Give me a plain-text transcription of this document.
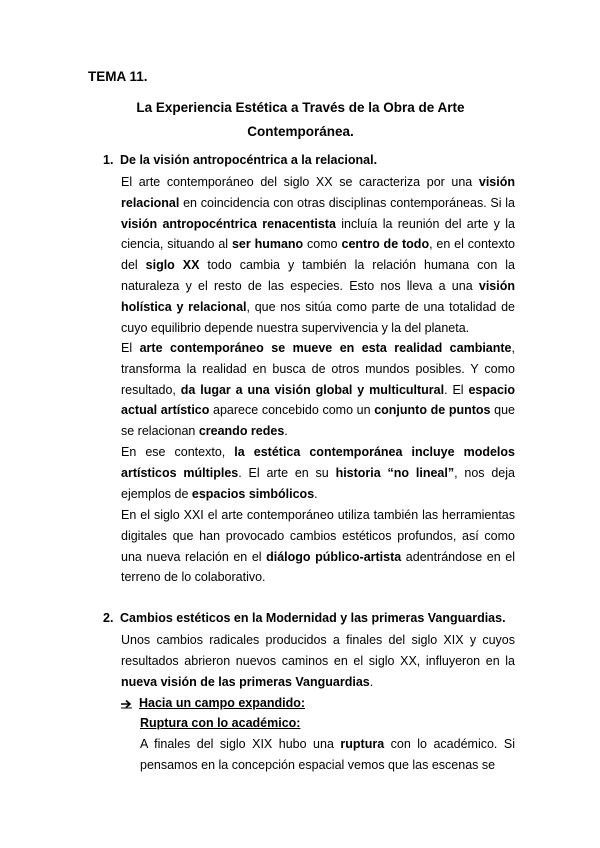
TEMA 11.

La Experiencia Estética a Través de la Obra de Arte
Contemporánea.

1. De la visión antropocéntrica a la relacional.

El arte contemporáneo del siglo XX se caracteriza por una visión relacional en coincidencia con otras disciplinas contemporáneas. Si la visión antropocéntrica renacentista incluía la reunión del arte y la ciencia, situando al ser humano como centro de todo, en el contexto del siglo XX todo cambia y también la relación humana con la naturaleza y el resto de las especies. Esto nos lleva a una visión holística y relacional, que nos sitúa como parte de una totalidad de cuyo equilibrio depende nuestra supervivencia y la del planeta.

El arte contemporáneo se mueve en esta realidad cambiante, transforma la realidad en busca de otros mundos posibles. Y como resultado, da lugar a una visión global y multicultural. El espacio actual artístico aparece concebido como un conjunto de puntos que se relacionan creando redes.

En ese contexto, la estética contemporánea incluye modelos artísticos múltiples. El arte en su historia “no lineal”, nos deja ejemplos de espacios simbólicos.

En el siglo XXI el arte contemporáneo utiliza también las herramientas digitales que han provocado cambios estéticos profundos, así como una nueva relación en el diálogo público-artista adentrándose en el terreno de lo colaborativo.

2. Cambios estéticos en la Modernidad y las primeras Vanguardias.

Unos cambios radicales producidos a finales del siglo XIX y cuyos resultados abrieron nuevos caminos en el siglo XX, influyeron en la nueva visión de las primeras Vanguardias.

Hacia un campo expandido:

Ruptura con lo académico:

A finales del siglo XIX hubo una ruptura con lo académico. Si pensamos en la concepción espacial vemos que las escenas se
